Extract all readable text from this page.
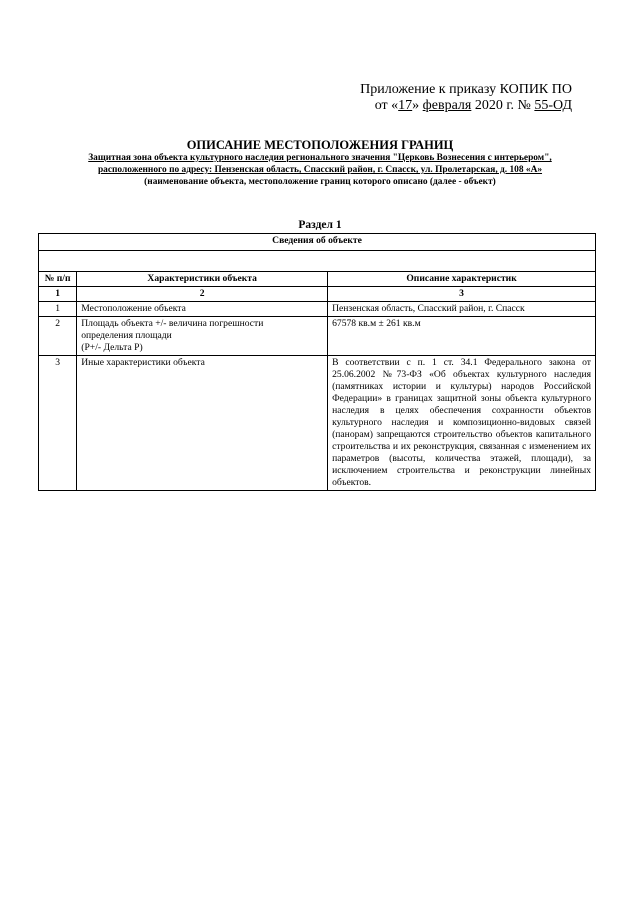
Приложение к приказу КОПИК ПО
от «17» февраля 2020 г. № 55-ОД
ОПИСАНИЕ МЕСТОПОЛОЖЕНИЯ ГРАНИЦ
Защитная зона объекта культурного наследия регионального значения "Церковь Вознесения с интерьером",
расположенного по адресу: Пензенская область, Спасский район, г. Спасск, ул. Пролетарская, д. 108 «А»
(наименование объекта, местоположение границ которого описано (далее - объект)
Раздел 1
Сведения об объекте		

№ п/п	Характеристики объекта	Описание характеристик
1	2	3
1	Местоположение объекта	Пензенская область, Спасский район, г. Спасск
2	Площадь объекта +/- величина погрешности
определения площади
(Р+/- Дельта Р)	67578 кв.м ± 261 кв.м
3	Иные характеристики объекта	В соответствии с п. 1 ст. 34.1 Федерального закона от 25.06.2002 №73-ФЗ «Об объектах культурного наследия (памятниках истории и культуры) народов Российской Федерации» в границах защитной зоны объекта культурного наследия в целях обеспечения сохранности объектов культурного наследия и композиционно-видовых связей (панорам) запрещаются строительство объектов капитального строительства и их реконструкция, связанная с изменением их параметров (высоты, количества этажей, площади), за исключением строительства и реконструкции линейных объектов.
